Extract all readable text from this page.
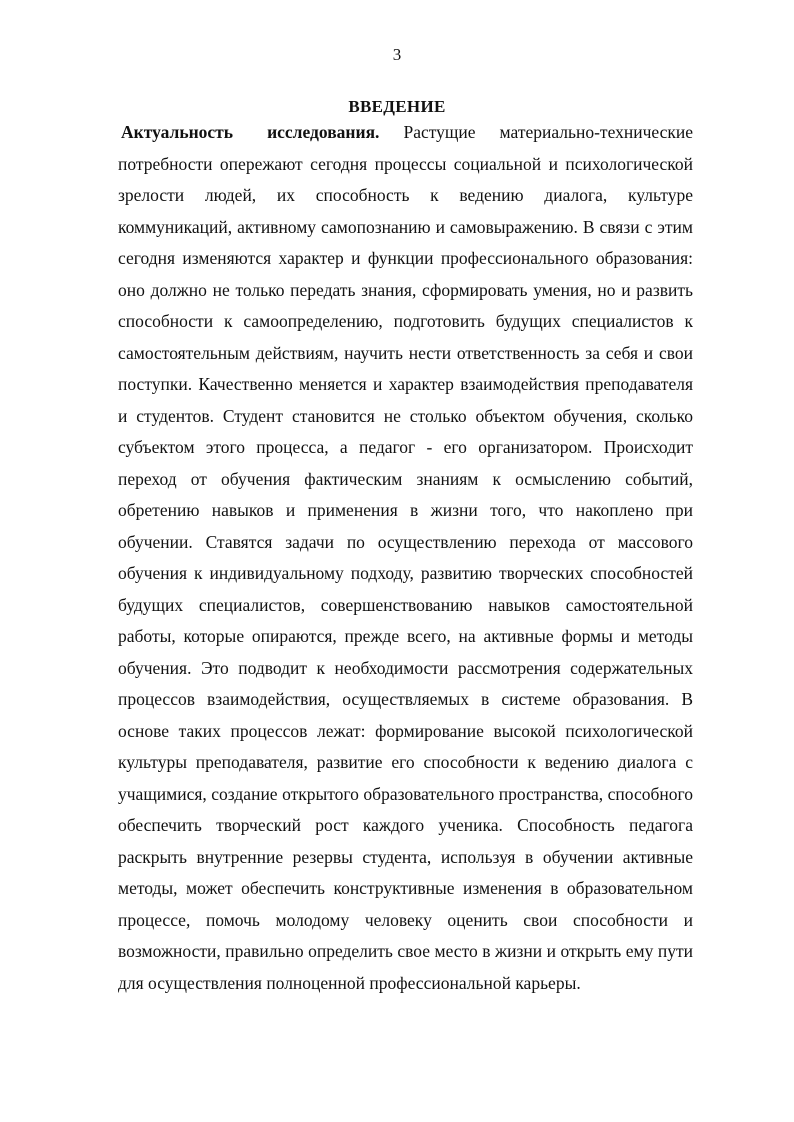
3
ВВЕДЕНИЕ

Актуальность исследования. Растущие материально-технические потребности опережают сегодня процессы социальной и психологической зрелости людей, их способность к ведению диалога, культуре коммуникаций, активному самопознанию и самовыражению. В связи с этим сегодня изменяются характер и функции профессионального образования: оно должно не только передать знания, сформировать умения, но и развить способности к самоопределению, подготовить будущих специалистов к самостоятельным действиям, научить нести ответственность за себя и свои поступки. Качественно меняется и характер взаимодействия преподавателя и студентов. Студент становится не столько объектом обучения, сколько субъектом этого процесса, а педагог - его организатором. Происходит переход от обучения фактическим знаниям к осмыслению событий, обретению навыков и применения в жизни того, что накоплено при обучении. Ставятся задачи по осуществлению перехода от массового обучения к индивидуальному подходу, развитию творческих способностей будущих специалистов, совершенствованию навыков самостоятельной работы, которые опираются, прежде всего, на активные формы и методы обучения. Это подводит к необходимости рассмотрения содержательных процессов взаимодействия, осуществляемых в системе образования. В основе таких процессов лежат: формирование высокой психологической культуры преподавателя, развитие его способности к ведению диалога с учащимися, создание открытого образовательного пространства, способного обеспечить творческий рост каждого ученика. Способность педагога раскрыть внутренние резервы студента, используя в обучении активные методы, может обеспечить конструктивные изменения в образовательном процессе, помочь молодому человеку оценить свои способности и возможности, правильно определить свое место в жизни и открыть ему пути для осуществления полноценной профессиональной карьеры.
